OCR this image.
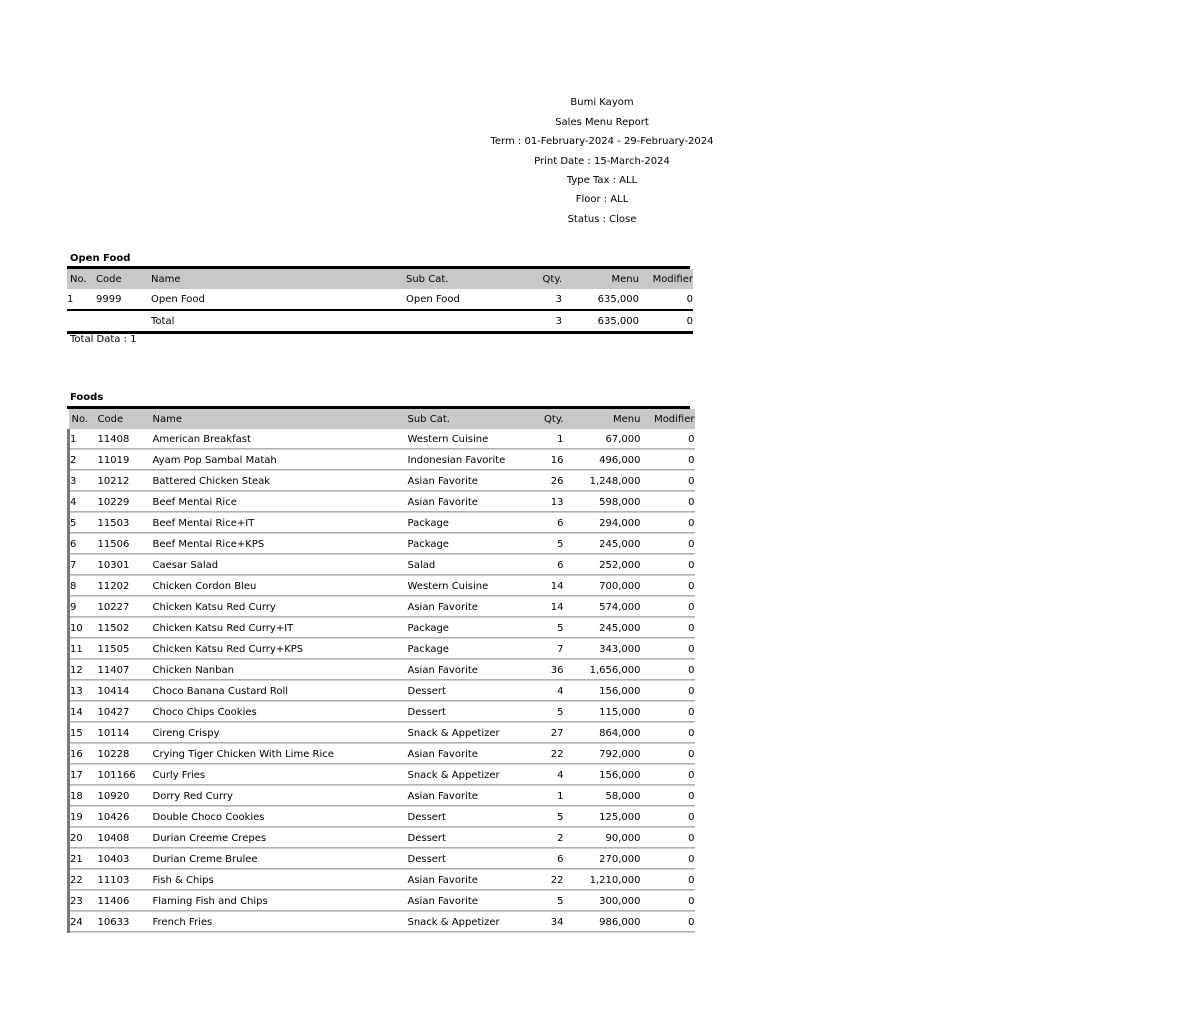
Bumi Kayom
Sales Menu Report
Term : 01-February-2024 - 29-February-2024
Print Date : 15-March-2024
Type Tax : ALL
Floor : ALL
Status : Close
Open Food
No.	Code	Name	Sub Cat.	Qty.	Menu	Modifier
1	9999	Open Food	Open Food	3	635,000	0
		Total		3	635,000	0
Total Data : 1
Foods
No.	Code	Name	Sub Cat.	Qty.	Menu	Modifier
1	11408	American Breakfast	Western Cuisine	1	67,000	0
2	11019	Ayam Pop Sambal Matah	Indonesian Favorite	16	496,000	0
3	10212	Battered Chicken Steak	Asian Favorite	26	1,248,000	0
4	10229	Beef Mentai Rice	Asian Favorite	13	598,000	0
5	11503	Beef Mentai Rice+IT	Package	6	294,000	0
6	11506	Beef Mentai Rice+KPS	Package	5	245,000	0
7	10301	Caesar Salad	Salad	6	252,000	0
8	11202	Chicken Cordon Bleu	Western Cuisine	14	700,000	0
9	10227	Chicken Katsu Red Curry	Asian Favorite	14	574,000	0
10	11502	Chicken Katsu Red Curry+IT	Package	5	245,000	0
11	11505	Chicken Katsu Red Curry+KPS	Package	7	343,000	0
12	11407	Chicken Nanban	Asian Favorite	36	1,656,000	0
13	10414	Choco Banana Custard Roll	Dessert	4	156,000	0
14	10427	Choco Chips Cookies	Dessert	5	115,000	0
15	10114	Cireng Crispy	Snack & Appetizer	27	864,000	0
16	10228	Crying Tiger Chicken With Lime Rice	Asian Favorite	22	792,000	0
17	101166	Curly Fries	Snack & Appetizer	4	156,000	0
18	10920	Dorry Red Curry	Asian Favorite	1	58,000	0
19	10426	Double Choco Cookies	Dessert	5	125,000	0
20	10408	Durian Creeme Crepes	Dessert	2	90,000	0
21	10403	Durian Creme Brulee	Dessert	6	270,000	0
22	11103	Fish & Chips	Asian Favorite	22	1,210,000	0
23	11406	Flaming Fish and Chips	Asian Favorite	5	300,000	0
24	10633	French Fries	Snack & Appetizer	34	986,000	0
